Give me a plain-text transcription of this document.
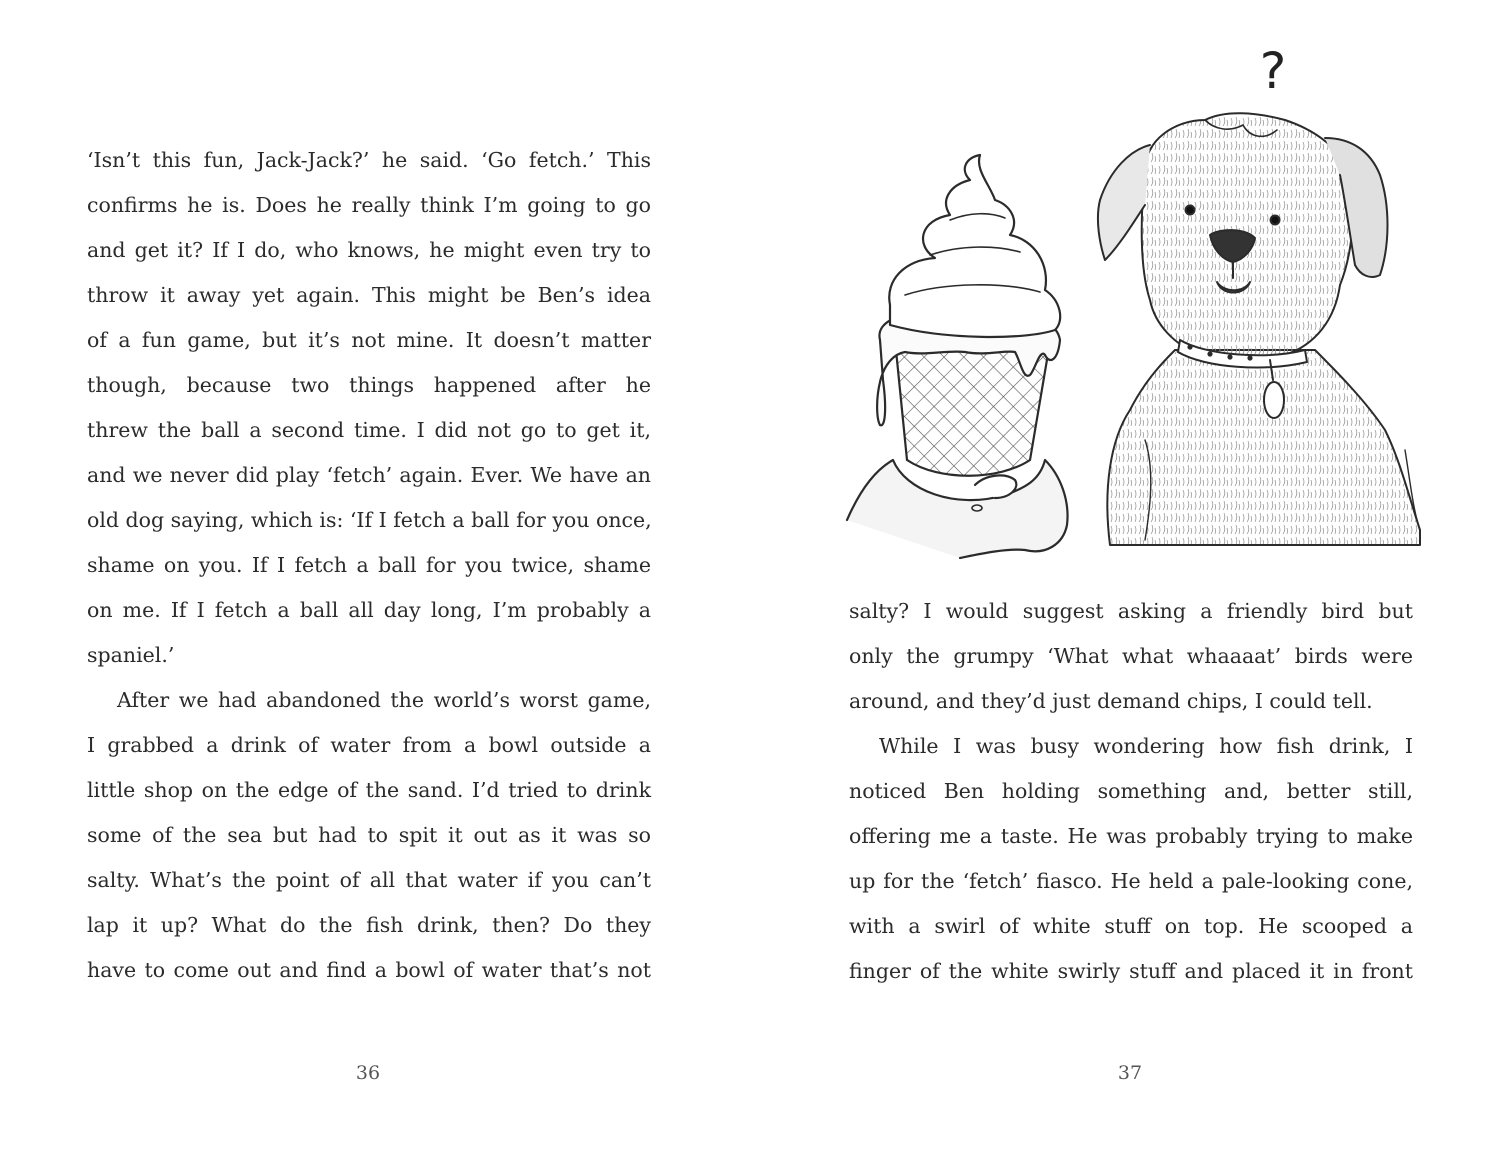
‘Isn’t this fun, Jack-Jack?’ he said. ‘Go fetch.’ This
confirms he is. Does he really think I’m going to go
and get it? If I do, who knows, he might even try to
throw it away yet again. This might be Ben’s idea
of a fun game, but it’s not mine. It doesn’t matter
though, because two things happened after he
threw the ball a second time. I did not go to get it,
and we never did play ‘fetch’ again. Ever. We have an
old dog saying, which is: ‘If I fetch a ball for you once,
shame on you. If I fetch a ball for you twice, shame
on me. If I fetch a ball all day long, I’m probably a
spaniel.’
After we had abandoned the world’s worst game,
I grabbed a drink of water from a bowl outside a
little shop on the edge of the sand. I’d tried to drink
some of the sea but had to spit it out as it was so
salty. What’s the point of all that water if you can’t
lap it up? What do the fish drink, then? Do they
have to come out and find a bowl of water that’s not
36
?
salty? I would suggest asking a friendly bird but
only the grumpy ‘What what whaaaat’ birds were
around, and they’d just demand chips, I could tell.
While I was busy wondering how fish drink, I
noticed Ben holding something and, better still,
offering me a taste. He was probably trying to make
up for the ‘fetch’ fiasco. He held a pale-looking cone,
with a swirl of white stuff on top. He scooped a
finger of the white swirly stuff and placed it in front
37
